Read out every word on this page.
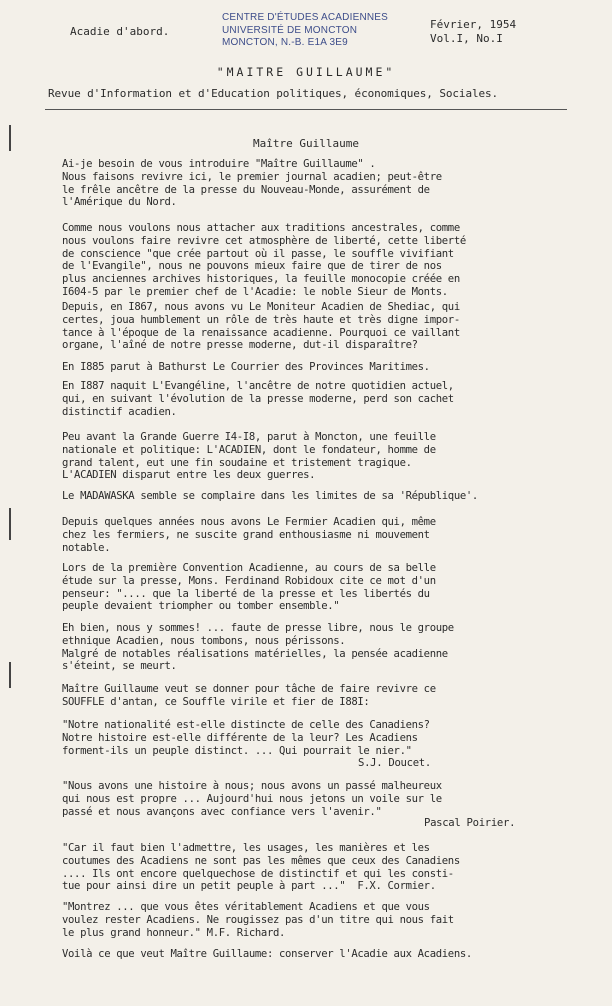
Acadie d'abord.
CENTRE D'ÉTUDES ACADIENNES
UNIVERSITÉ DE MONCTON
MONCTON, N.-B. E1A 3E9
Février, 1954
Vol.I, No.I
"MAITRE GUILLAUME"
Revue d'Information et d'Education politiques, économiques, Sociales.
Maître Guillaume

Ai-je besoin de vous introduire "Maître Guillaume" .
Nous faisons revivre ici, le premier journal acadien; peut-être
le frêle ancêtre de la presse du Nouveau-Monde, assurément de
l'Amérique du Nord.

Comme nous voulons nous attacher aux traditions ancestrales, comme
nous voulons faire revivre cet atmosphère de liberté, cette liberté
de conscience "que crée partout où il passe, le souffle vivifiant
de l'Evangile", nous ne pouvons mieux faire que de tirer de nos
plus anciennes archives historiques, la feuille monocopie créée en
I604-5 par le premier chef de l'Acadie: le noble Sieur de Monts.

Depuis, en I867, nous avons vu Le Moniteur Acadien de Shediac, qui
certes, joua humblement un rôle de très haute et très digne impor-
tance à l'époque de la renaissance acadienne. Pourquoi ce vaillant
organe, l'aîné de notre presse moderne, dut-il disparaître?

En I885 parut à Bathurst Le Courrier des Provinces Maritimes.

En I887 naquit L'Evangéline, l'ancêtre de notre quotidien actuel,
qui, en suivant l'évolution de la presse moderne, perd son cachet
distinctif acadien.

Peu avant la Grande Guerre I4-I8, parut à Moncton, une feuille
nationale et politique: L'ACADIEN, dont le fondateur, homme de
grand talent, eut une fin soudaine et tristement tragique.
L'ACADIEN disparut entre les deux guerres.

Le MADAWASKA semble se complaire dans les limites de sa 'République'.

Depuis quelques années nous avons Le Fermier Acadien qui, même
chez les fermiers, ne suscite grand enthousiasme ni mouvement
notable.

Lors de la première Convention Acadienne, au cours de sa belle
étude sur la presse, Mons. Ferdinand Robidoux cite ce mot d'un
penseur: ".... que la liberté de la presse et les libertés du
peuple devaient triompher ou tomber ensemble."

Eh bien, nous y sommes! ... faute de presse libre, nous le groupe
ethnique Acadien, nous tombons, nous périssons.
Malgré de notables réalisations matérielles, la pensée acadienne
s'éteint, se meurt.

Maître Guillaume veut se donner pour tâche de faire revivre ce
SOUFFLE d'antan, ce Souffle virile et fier de I88I:

"Notre nationalité est-elle distincte de celle des Canadiens?
Notre histoire est-elle différente de la leur? Les Acadiens
forment-ils un peuple distinct. ... Qui pourrait le nier."

S.J. Doucet.

"Nous avons une histoire à nous; nous avons un passé malheureux
qui nous est propre ... Aujourd'hui nous jetons un voile sur le
passé et nous avançons avec confiance vers l'avenir."

Pascal Poirier.

"Car il faut bien l'admettre, les usages, les manières et les
coutumes des Acadiens ne sont pas les mêmes que ceux des Canadiens
.... Ils ont encore quelquechose de distinctif et qui les consti-
tue pour ainsi dire un petit peuple à part ..."  F.X. Cormier.

"Montrez ... que vous êtes véritablement Acadiens et que vous
voulez rester Acadiens. Ne rougissez pas d'un titre qui nous fait
le plus grand honneur." M.F. Richard.

Voilà ce que veut Maître Guillaume: conserver l'Acadie aux Acadiens.
